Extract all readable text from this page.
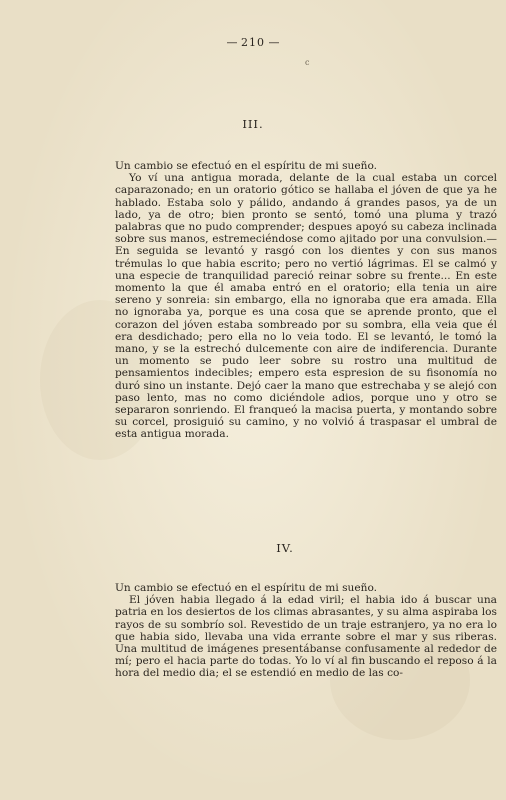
— 210 —
c
III.

Un cambio se efectuó en el espíritu de mi sueño.

Yo ví una antigua morada, delante de la cual estaba un corcel caparazonado; en un oratorio gótico se hallaba el jóven de que ya he hablado. Estaba solo y pálido, andando á grandes pasos, ya de un lado, ya de otro; bien pronto se sentó, tomó una pluma y trazó palabras que no pudo comprender; despues apoyó su cabeza inclinada sobre sus manos, estremeciéndose como ajitado por una convulsion.—En seguida se levantó y rasgó con los dientes y con sus manos trémulas lo que habia escrito; pero no vertió lágrimas. El se calmó y una especie de tranquilidad pareció reinar sobre su frente... En este momento la que él amaba entró en el oratorio; ella tenia un aire sereno y sonreia: sin embargo, ella no ignoraba que era amada. Ella no ignoraba ya, porque es una cosa que se aprende pronto, que el corazon del jóven estaba sombreado por su sombra, ella veia que él era desdichado; pero ella no lo veia todo. El se levantó, le tomó la mano, y se la estrechó dulcemente con aire de indiferencia. Durante un momento se pudo leer sobre su rostro una multitud de pensamientos indecibles; empero esta espresion de su fisonomía no duró sino un instante. Dejó caer la mano que estrechaba y se alejó con paso lento, mas no como diciéndole adios, porque uno y otro se separaron sonriendo. El franqueó la macisa puerta, y montando sobre su corcel, prosiguió su camino, y no volvió á traspasar el umbral de esta antigua morada.

IV.

Un cambio se efectuó en el espíritu de mi sueño.

El jóven habia llegado á la edad viril; el habia ido á buscar una patria en los desiertos de los climas abrasantes, y su alma aspiraba los rayos de su sombrío sol. Revestido de un traje estranjero, ya no era lo que habia sido, llevaba una vida errante sobre el mar y sus riberas. Una multitud de imágenes presentábanse confusamente al rededor de mí; pero el hacia parte do todas. Yo lo ví al fin buscando el reposo á la hora del medio dia; el se estendió en medio de las co-
